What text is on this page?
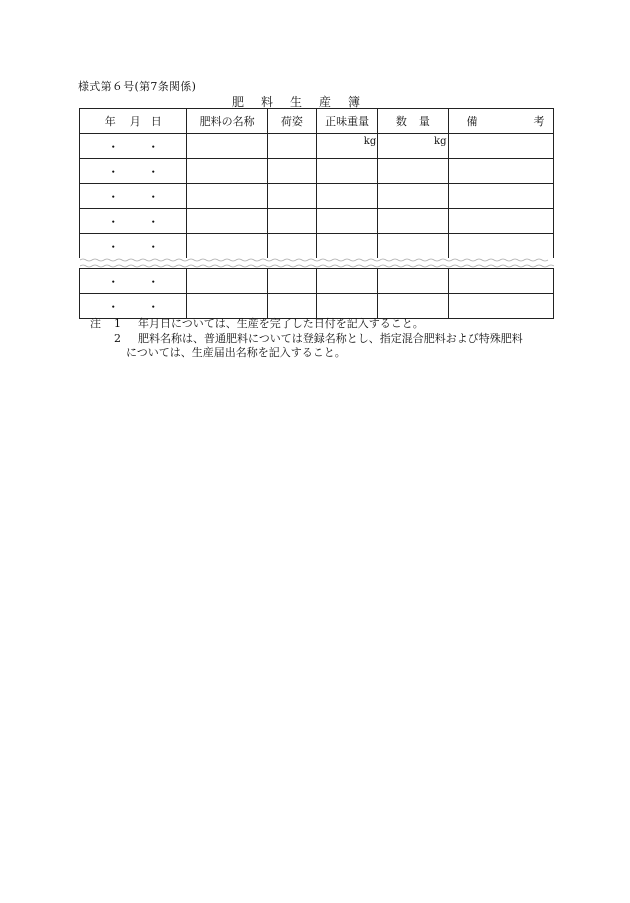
様式第６号(第7条関係)
肥料生産簿
年 月 日	肥料の名称	荷姿	正味重量	数 量	備 考
・ ・			kg	kg	
・ ・					
・ ・					
・ ・					
・ ・					

・ ・					
・ ・					
注 1 年月日については、生産を完了した日付を記入すること。
2 肥料名称は、普通肥料については登録名称とし、指定混合肥料および特殊肥料
については、生産届出名称を記入すること。
